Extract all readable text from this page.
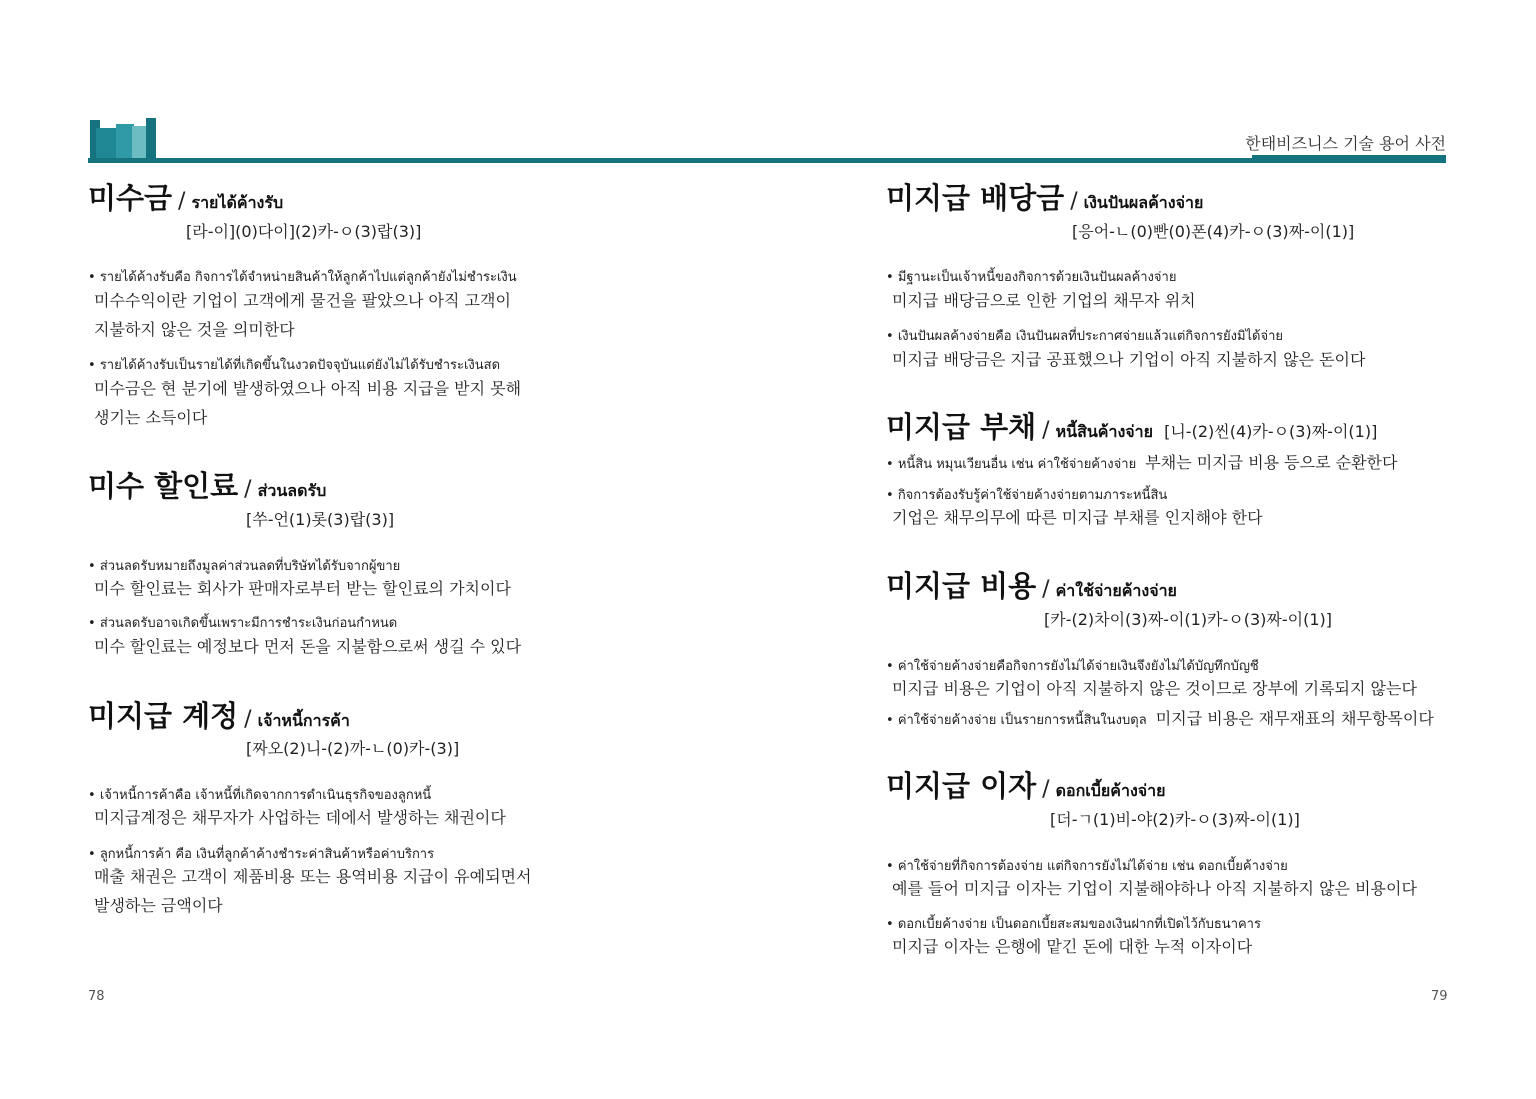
한태비즈니스 기술 용어 사전
미수금 / รายได้ค้างรับ
[라-이](0)다이](2)카-ㅇ(3)랍(3)]
• รายได้ค้างรับคือ กิจการได้จำหน่ายสินค้าให้ลูกค้าไปแต่ลูกค้ายังไม่ชำระเงิน
미수수익이란 기업이 고객에게 물건을 팔았으나 아직 고객이
지불하지 않은 것을 의미한다
• รายได้ค้างรับเป็นรายได้ที่เกิดขึ้นในงวดปัจจุบันแต่ยังไม่ได้รับชำระเงินสด
미수금은 현 분기에 발생하였으나 아직 비용 지급을 받지 못해
생기는 소득이다
미수 할인료 / ส่วนลดรับ
[쑤-언(1)롯(3)랍(3)]
• ส่วนลดรับหมายถึงมูลค่าส่วนลดที่บริษัทได้รับจากผู้ขาย
미수 할인료는 회사가 판매자로부터 받는 할인료의 가치이다
• ส่วนลดรับอาจเกิดขึ้นเพราะมีการชำระเงินก่อนกำหนด
미수 할인료는 예정보다 먼저 돈을 지불함으로써 생길 수 있다
미지급 계정 / เจ้าหนี้การค้า
[짜오(2)니-(2)까-ㄴ(0)카-(3)]
• เจ้าหนี้การค้าคือ เจ้าหนี้ที่เกิดจากการดำเนินธุรกิจของลูกหนี้
미지급계정은 채무자가 사업하는 데에서 발생하는 채권이다
• ลูกหนี้การค้า คือ เงินที่ลูกค้าค้างชำระค่าสินค้าหรือค่าบริการ
매출 채권은 고객이 제품비용 또는 용역비용 지급이 유예되면서
발생하는 금액이다
미지급 배당금 / เงินปันผลค้างจ่าย
[응어-ㄴ(0)빤(0)폰(4)카-ㅇ(3)짜-이(1)]
• มีฐานะเป็นเจ้าหนี้ของกิจการด้วยเงินปันผลค้างจ่าย
미지급 배당금으로 인한 기업의 채무자 위치
• เงินปันผลค้างจ่ายคือ เงินปันผลที่ประกาศจ่ายแล้วแต่กิจการยังมิได้จ่าย
미지급 배당금은 지급 공표했으나 기업이 아직 지불하지 않은 돈이다
미지급 부채 / หนี้สินค้างจ่าย [니-(2)씬(4)카-ㅇ(3)짜-이(1)]
• หนี้สิน หมุนเวียนอื่น เช่น ค่าใช้จ่ายค้างจ่าย 부채는 미지급 비용 등으로 순환한다
• กิจการต้องรับรู้ค่าใช้จ่ายค้างจ่ายตามภาระหนี้สิน
기업은 채무의무에 따른 미지급 부채를 인지해야 한다
미지급 비용 / ค่าใช้จ่ายค้างจ่าย
[카-(2)차이(3)짜-이(1)카-ㅇ(3)짜-이(1)]
• ค่าใช้จ่ายค้างจ่ายคือกิจการยังไม่ได้จ่ายเงินจึงยังไม่ได้บัญทึกบัญชี
미지급 비용은 기업이 아직 지불하지 않은 것이므로 장부에 기록되지 않는다
• ค่าใช้จ่ายค้างจ่าย เป็นรายการหนี้สินในงบดุล 미지급 비용은 재무재표의 채무항목이다
미지급 이자 / ดอกเบี้ยค้างจ่าย
[더-ㄱ(1)비-야(2)카-ㅇ(3)짜-이(1)]
• ค่าใช้จ่ายที่กิจการต้องจ่าย แต่กิจการยังไม่ได้จ่าย เช่น ดอกเบี้ยค้างจ่าย
예를 들어 미지급 이자는 기업이 지불해야하나 아직 지불하지 않은 비용이다
• ดอกเบี้ยค้างจ่าย เป็นดอกเบี้ยสะสมของเงินฝากที่เปิดไว้กับธนาคาร
미지급 이자는 은행에 맡긴 돈에 대한 누적 이자이다
78	79
